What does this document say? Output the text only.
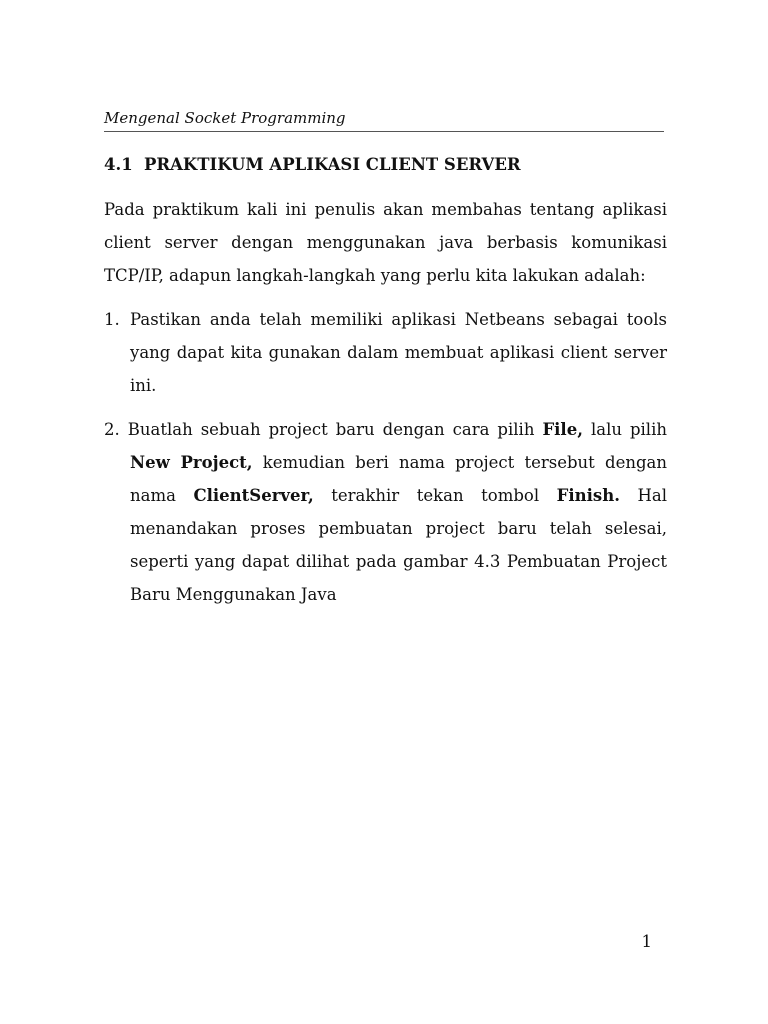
Mengenal Socket Programming
4.1 PRAKTIKUM APLIKASI CLIENT SERVER

Pada praktikum kali ini penulis akan membahas tentang aplikasi client server dengan menggunakan java berbasis komunikasi TCP/IP, adapun langkah-langkah yang perlu kita lakukan adalah:

1. Pastikan anda telah memiliki aplikasi Netbeans sebagai tools yang dapat kita gunakan dalam membuat aplikasi client server ini.
2. Buatlah sebuah project baru dengan cara pilih File, lalu pilih New Project, kemudian beri nama project tersebut dengan nama ClientServer, terakhir tekan tombol Finish. Hal menandakan proses pembuatan project baru telah selesai, seperti yang dapat dilihat pada gambar 4.3 Pembuatan Project Baru Menggunakan Java
1
